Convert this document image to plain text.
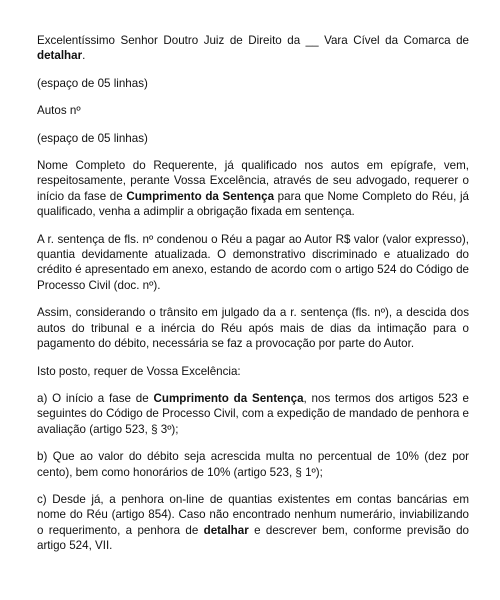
Excelentíssimo Senhor Doutro Juiz de Direito da __ Vara Cível da Comarca de detalhar.

(espaço de 05 linhas)

Autos nº

(espaço de 05 linhas)

Nome Completo do Requerente, já qualificado nos autos em epígrafe, vem, respeitosamente, perante Vossa Excelência, através de seu advogado, requerer o início da fase de Cumprimento da Sentença para que Nome Completo do Réu, já qualificado, venha a adimplir a obrigação fixada em sentença.

A r. sentença de fls. nº condenou o Réu a pagar ao Autor R$ valor (valor expresso), quantia devidamente atualizada. O demonstrativo discriminado e atualizado do crédito é apresentado em anexo, estando de acordo com o artigo 524 do Código de Processo Civil (doc. nº).

Assim, considerando o trânsito em julgado da a r. sentença (fls. nº), a descida dos autos do tribunal e a inércia do Réu após mais de dias da intimação para o pagamento do débito, necessária se faz a provocação por parte do Autor.

Isto posto, requer de Vossa Excelência:

a) O início a fase de Cumprimento da Sentença, nos termos dos artigos 523 e seguintes do Código de Processo Civil, com a expedição de mandado de penhora e avaliação (artigo 523, § 3º);

b) Que ao valor do débito seja acrescida multa no percentual de 10% (dez por cento), bem como honorários de 10% (artigo 523, § 1º);

c) Desde já, a penhora on-line de quantias existentes em contas bancárias em nome do Réu (artigo 854). Caso não encontrado nenhum numerário, inviabilizando o requerimento, a penhora de detalhar e descrever bem, conforme previsão do artigo 524, VII.
